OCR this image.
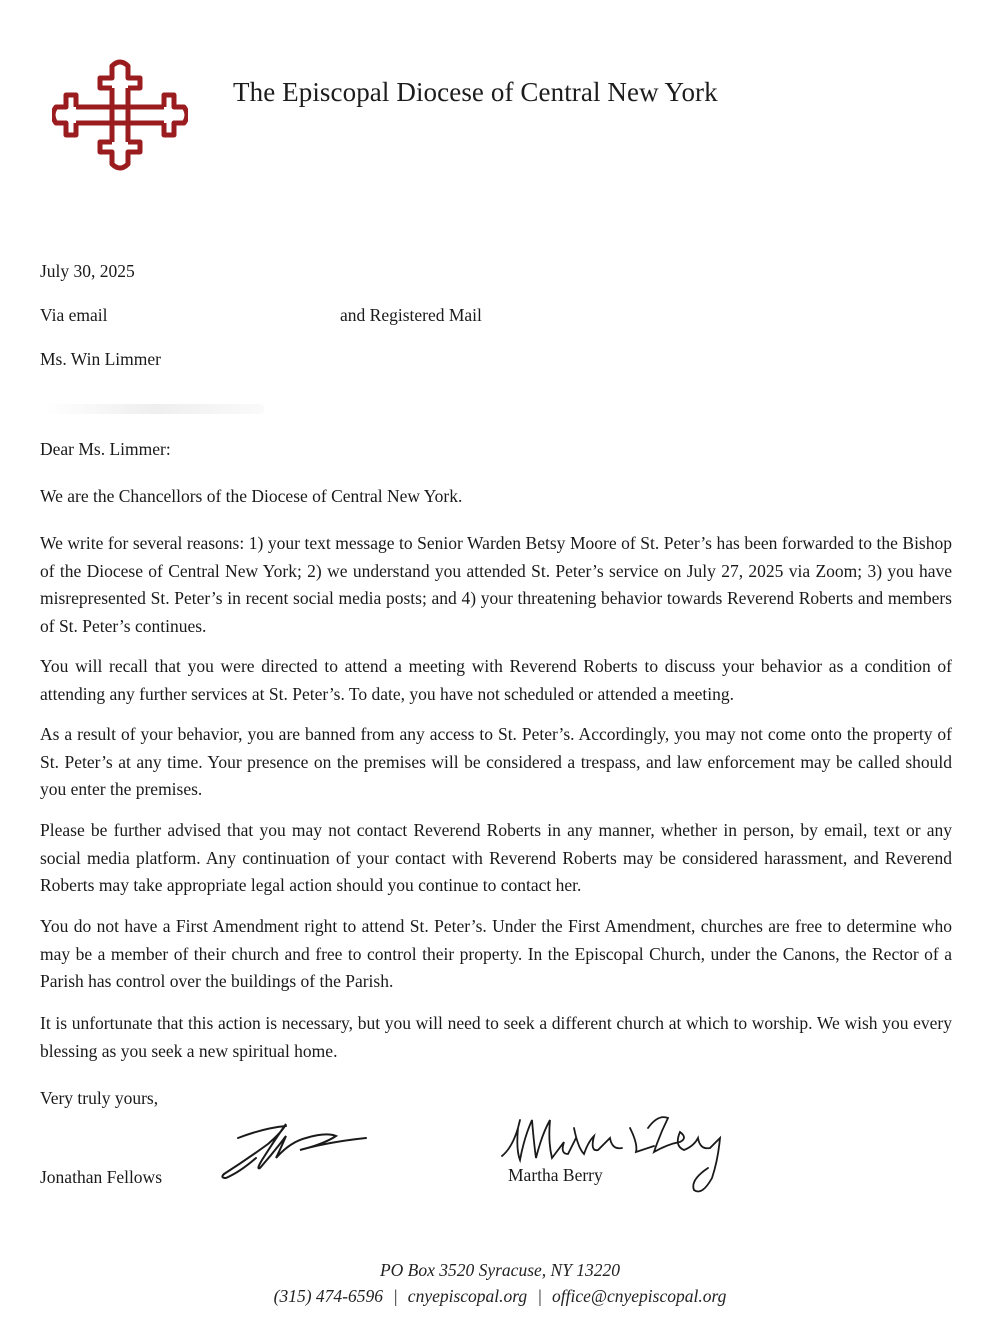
The Episcopal Diocese of Central New York
July 30, 2025
Via email	and Registered Mail
Ms. Win Limmer
Dear Ms. Limmer:

We are the Chancellors of the Diocese of Central New York.

We write for several reasons: 1) your text message to Senior Warden Betsy Moore of St. Peter’s has been forwarded to the Bishop of the Diocese of Central New York; 2) we understand you attended St. Peter’s service on July 27, 2025 via Zoom; 3) you have misrepresented St. Peter’s in recent social media posts; and 4) your threatening behavior towards Reverend Roberts and members of St. Peter’s continues.

You will recall that you were directed to attend a meeting with Reverend Roberts to discuss your behavior as a condition of attending any further services at St. Peter’s. To date, you have not scheduled or attended a meeting.

As a result of your behavior, you are banned from any access to St. Peter’s. Accordingly, you may not come onto the property of St. Peter’s at any time. Your presence on the premises will be considered a trespass, and law enforcement may be called should you enter the premises.

Please be further advised that you may not contact Reverend Roberts in any manner, whether in person, by email, text or any social media platform. Any continuation of your contact with Reverend Roberts may be considered harassment, and Reverend Roberts may take appropriate legal action should you continue to contact her.

You do not have a First Amendment right to attend St. Peter’s. Under the First Amendment, churches are free to determine who may be a member of their church and free to control their property. In the Episcopal Church, under the Canons, the Rector of a Parish has control over the buildings of the Parish.

It is unfortunate that this action is necessary, but you will need to seek a different church at which to worship. We wish you every blessing as you seek a new spiritual home.

Very truly yours,
Jonathan Fellows	Martha Berry
PO Box 3520 Syracuse, NY 13220
(315) 474-6596 | cnyepiscopal.org | office@cnyepiscopal.org
